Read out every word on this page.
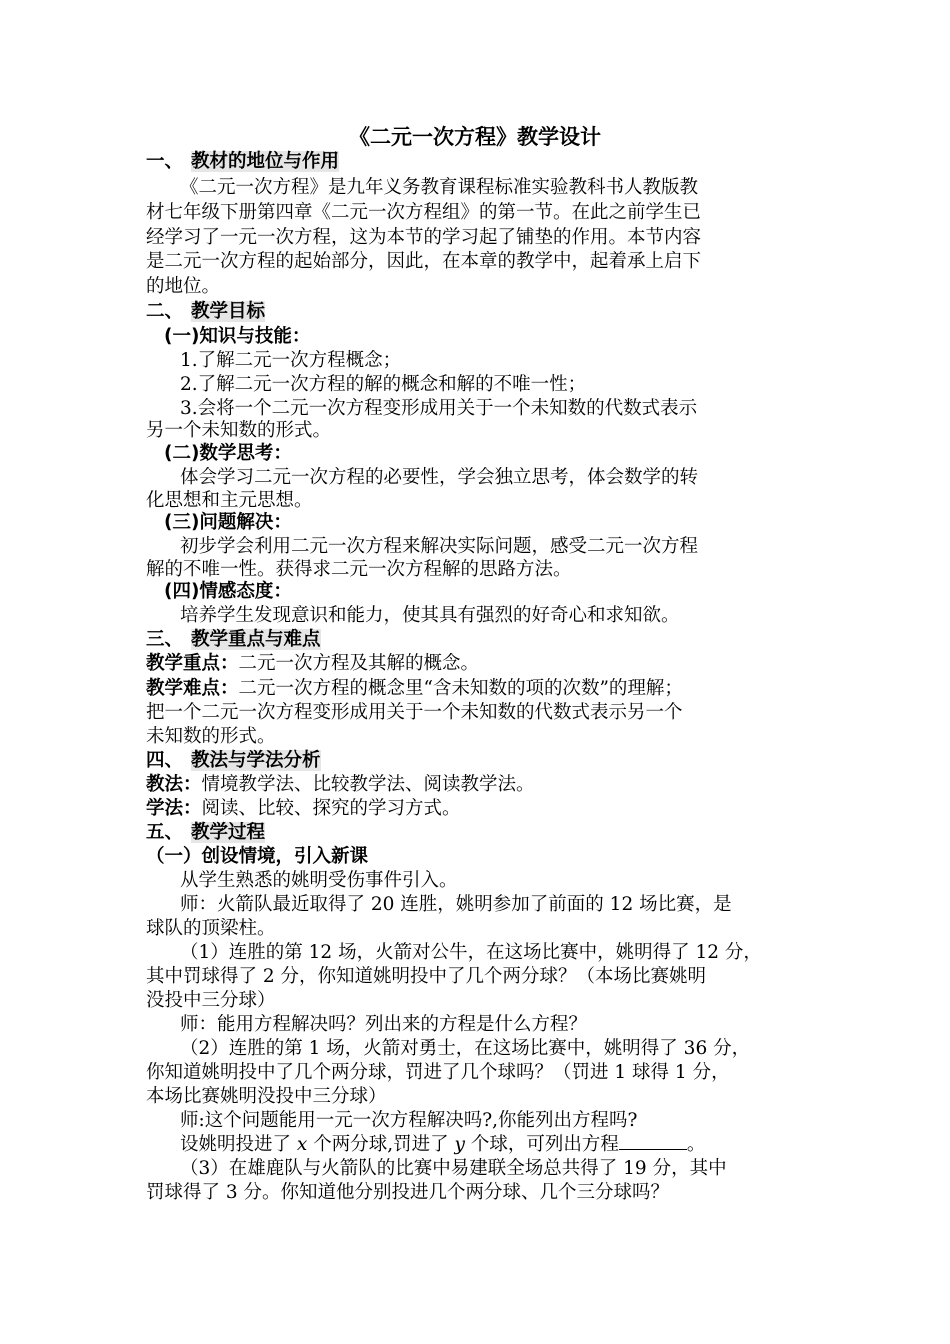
《二元一次方程》教学设计
一、 教材的地位与作用
《二元一次方程》是九年义务教育课程标准实验教科书人教版教
材七年级下册第四章《二元一次方程组》的第一节。在此之前学生已
经学习了一元一次方程，这为本节的学习起了铺垫的作用。本节内容
是二元一次方程的起始部分，因此，在本章的教学中，起着承上启下
的地位。
二、 教学目标
(一)知识与技能：
1.了解二元一次方程概念；
2.了解二元一次方程的解的概念和解的不唯一性；
3.会将一个二元一次方程变形成用关于一个未知数的代数式表示
另一个未知数的形式。
(二)数学思考：
体会学习二元一次方程的必要性，学会独立思考，体会数学的转
化思想和主元思想。
(三)问题解决：
初步学会利用二元一次方程来解决实际问题，感受二元一次方程
解的不唯一性。获得求二元一次方程解的思路方法。
(四)情感态度：
培养学生发现意识和能力，使其具有强烈的好奇心和求知欲。
三、 教学重点与难点
教学重点：二元一次方程及其解的概念。
教学难点：二元一次方程的概念里“含未知数的项的次数”的理解；
把一个二元一次方程变形成用关于一个未知数的代数式表示另一个
未知数的形式。
四、 教法与学法分析
教法：情境教学法、比较教学法、阅读教学法。
学法：阅读、比较、探究的学习方式。
五、 教学过程
（一）创设情境，引入新课
从学生熟悉的姚明受伤事件引入。
师：火箭队最近取得了 20 连胜，姚明参加了前面的 12 场比赛，是
球队的顶梁柱。
（1）连胜的第 12 场，火箭对公牛，在这场比赛中，姚明得了 12 分，
其中罚球得了 2 分，你知道姚明投中了几个两分球？（本场比赛姚明
没投中三分球）
师：能用方程解决吗？列出来的方程是什么方程？
（2）连胜的第 1 场，火箭对勇士，在这场比赛中，姚明得了 36 分，
你知道姚明投中了几个两分球，罚进了几个球吗？（罚进 1 球得 1 分，
本场比赛姚明没投中三分球）
师:这个问题能用一元一次方程解决吗?,你能列出方程吗?
设姚明投进了 x 个两分球,罚进了 y 个球，可列出方程	。
（3）在雄鹿队与火箭队的比赛中易建联全场总共得了 19 分，其中
罚球得了 3 分。你知道他分别投进几个两分球、几个三分球吗？
